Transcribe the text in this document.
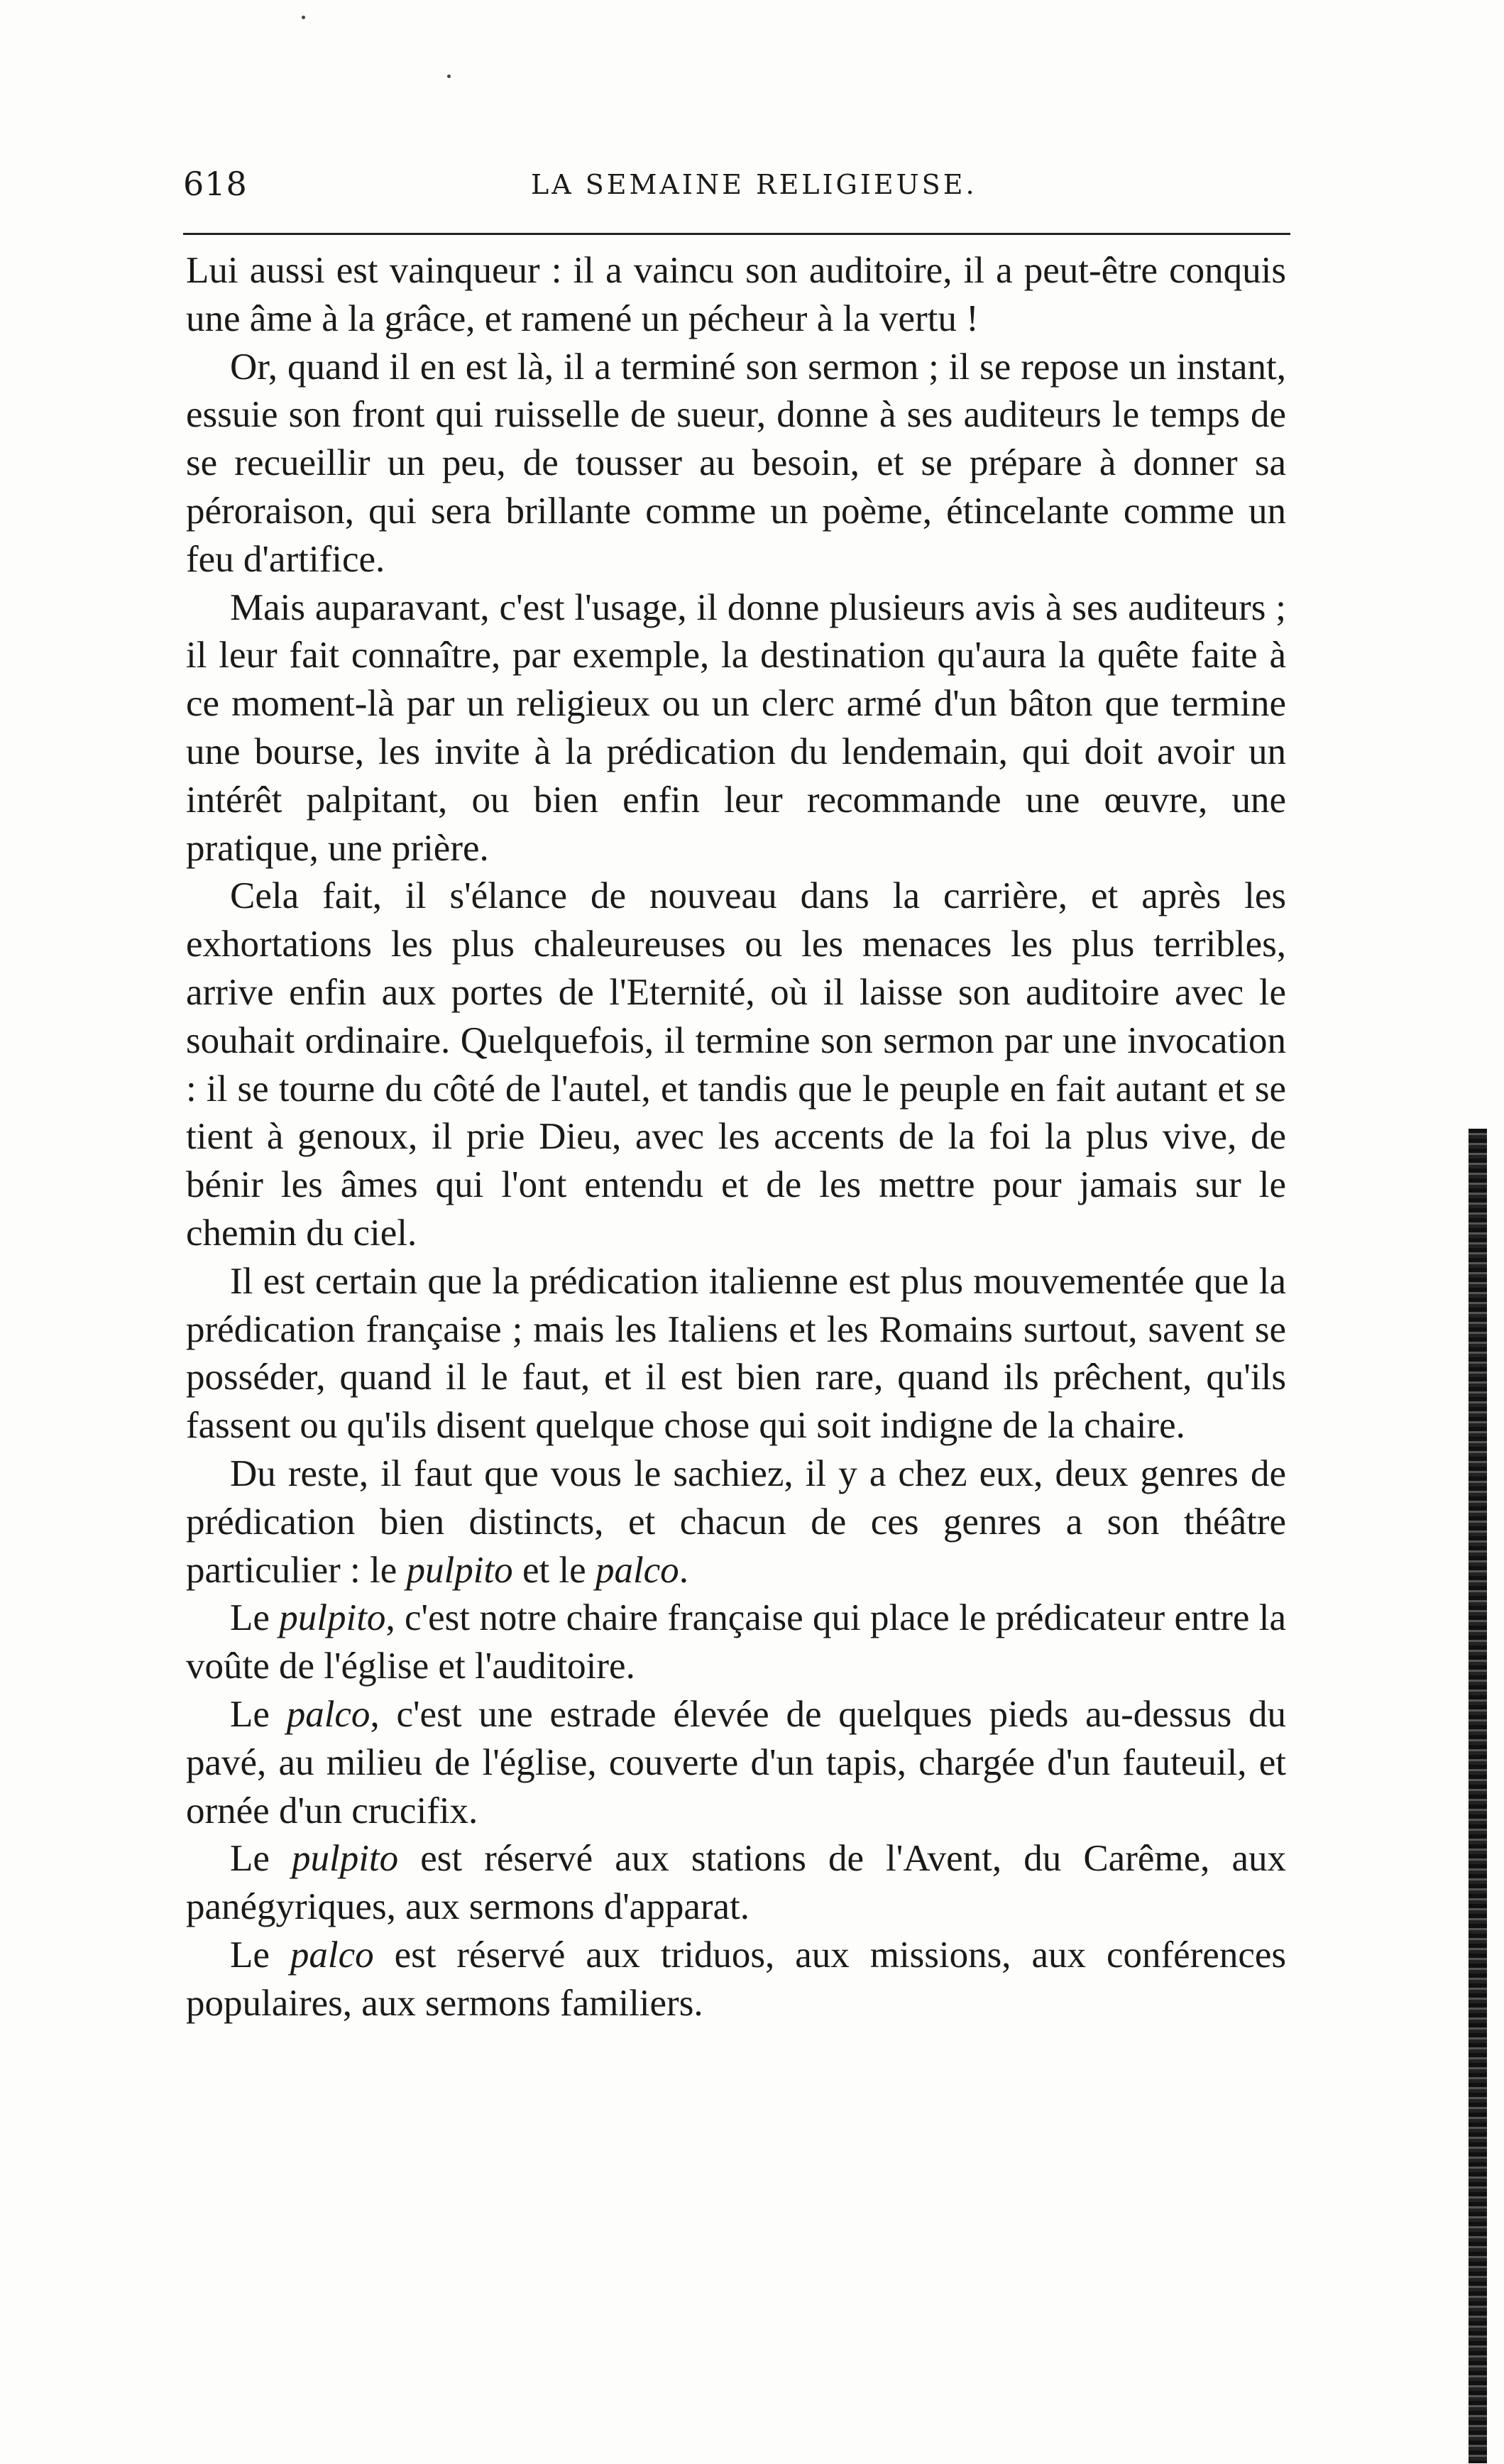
618	LA SEMAINE RELIGIEUSE.

Lui aussi est vainqueur : il a vaincu son auditoire, il a peut-être conquis une âme à la grâce, et ramené un pécheur à la vertu !

Or, quand il en est là, il a terminé son sermon ; il se repose un instant, essuie son front qui ruisselle de sueur, donne à ses auditeurs le temps de se recueillir un peu, de tousser au besoin, et se prépare à donner sa péroraison, qui sera brillante comme un poème, étincelante comme un feu d'artifice.

Mais auparavant, c'est l'usage, il donne plusieurs avis à ses auditeurs ; il leur fait connaître, par exemple, la destination qu'aura la quête faite à ce moment-là par un religieux ou un clerc armé d'un bâton que termine une bourse, les invite à la prédication du lendemain, qui doit avoir un intérêt palpitant, ou bien enfin leur recommande une œuvre, une pratique, une prière.

Cela fait, il s'élance de nouveau dans la carrière, et après les exhortations les plus chaleureuses ou les menaces les plus terribles, arrive enfin aux portes de l'Eternité, où il laisse son auditoire avec le souhait ordinaire. Quelquefois, il termine son sermon par une invocation : il se tourne du côté de l'autel, et tandis que le peuple en fait autant et se tient à genoux, il prie Dieu, avec les accents de la foi la plus vive, de bénir les âmes qui l'ont entendu et de les mettre pour jamais sur le chemin du ciel.

Il est certain que la prédication italienne est plus mouvementée que la prédication française ; mais les Italiens et les Romains surtout, savent se posséder, quand il le faut, et il est bien rare, quand ils prêchent, qu'ils fassent ou qu'ils disent quelque chose qui soit indigne de la chaire.

Du reste, il faut que vous le sachiez, il y a chez eux, deux genres de prédication bien distincts, et chacun de ces genres a son théâtre particulier : le pulpito et le palco.

Le pulpito, c'est notre chaire française qui place le prédicateur entre la voûte de l'église et l'auditoire.

Le palco, c'est une estrade élevée de quelques pieds au-dessus du pavé, au milieu de l'église, couverte d'un tapis, chargée d'un fauteuil, et ornée d'un crucifix.

Le pulpito est réservé aux stations de l'Avent, du Carême, aux panégyriques, aux sermons d'apparat.

Le palco est réservé aux triduos, aux missions, aux conférences populaires, aux sermons familiers.
